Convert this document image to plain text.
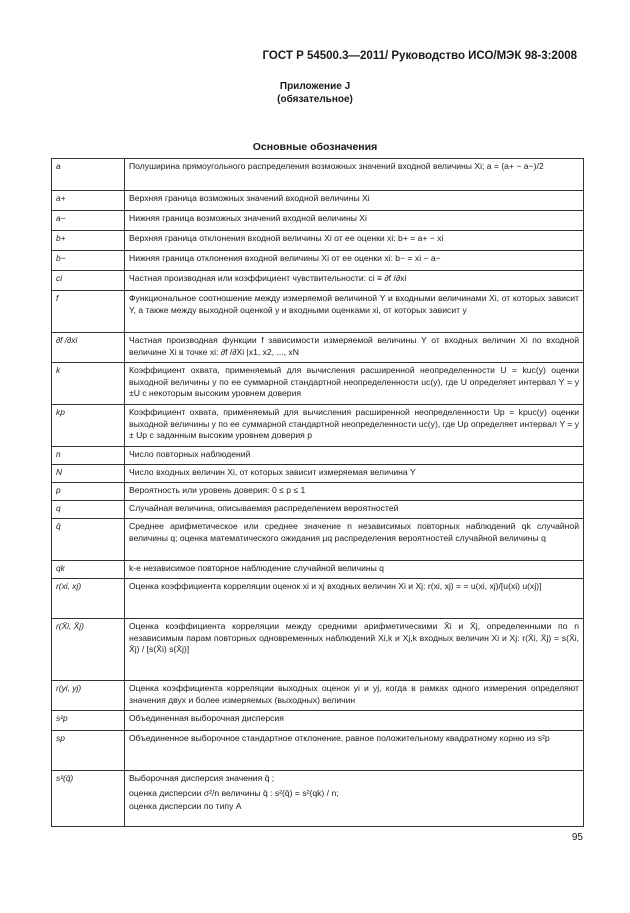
ГОСТ Р 54500.3—2011/ Руководство ИСО/МЭК 98-3:2008
Приложение J
(обязательное)
Основные обозначения
a	Полуширина прямоугольного распределения возможных значений входной величины Xi; a = (a+ − a−)/2
a+	Верхняя граница возможных значений входной величины Xi
a−	Нижняя граница возможных значений входной величины Xi
b+	Верхняя граница отклонения входной величины Xi от ее оценки xi: b+ = a+ − xi
b−	Нижняя граница отклонения входной величины Xi от ее оценки xi: b− = xi − a−
ci	Частная производная или коэффициент чувствительности: ci ≡ ∂f /∂xi
f	Функциональное соотношение между измеряемой величиной Y и входными величинами Xi, от которых зависит Y, а также между выходной оценкой y и входными оценками xi, от которых зависит y
∂f /∂xi	Частная производная функции f зависимости измеряемой величины Y от входных величин Xi по входной величине Xi в точке xi: ∂f /∂Xi |x1, x2, ..., xN
k	Коэффициент охвата, применяемый для вычисления расширенной неопределенности U = kuc(y) оценки выходной величины y по ее суммарной стандартной неопределенности uc(y), где U определяет интервал Y = y ±U с некоторым высоким уровнем доверия
kp	Коэффициент охвата, применяемый для вычисления расширенной неопределенности Up = kpuc(y) оценки выходной величины y по ее суммарной стандартной неопределенности uc(y), где Up определяет интервал Y = y ± Up с заданным высоким уровнем доверия p
n	Число повторных наблюдений
N	Число входных величин Xi, от которых зависит измеряемая величина Y
p	Вероятность или уровень доверия: 0 ≤ p ≤ 1
q	Случайная величина, описываемая распределением вероятностей
q̄	Среднее арифметическое или среднее значение n независимых повторных наблюдений qk случайной величины q; оценка математического ожидания μq распределения вероятностей случайной величины q
qk	k-е независимое повторное наблюдение случайной величины q
r(xi, xj)	Оценка коэффициента корреляции оценок xi и xj входных величин Xi и Xj: r(xi, xj) = = u(xi, xj)/[u(xi) u(xj)]
r(X̄i, X̄j)	Оценка коэффициента корреляции между средними арифметическими X̄i и X̄j, определенными по n независимым парам повторных одновременных наблюдений Xi,k и Xj,k входных величин Xi и Xj: r(X̄i, X̄j) = s(X̄i, X̄j) / [s(X̄i) s(X̄j)]
r(yi, yj)	Оценка коэффициента корреляции выходных оценок yi и yj, когда в рамках одного измерения определяют значения двух и более измеряемых (выходных) величин
s²p	Объединенная выборочная дисперсия
sp	Объединенное выборочное стандартное отклонение, равное положительному квадратному корню из s²p
s²(q̄)	Выборочная дисперсия значения q̄ ;
оценка дисперсии σ²/n величины q̄ : s²(q̄) = s²(qk) / n;
оценка дисперсии по типу А
95
